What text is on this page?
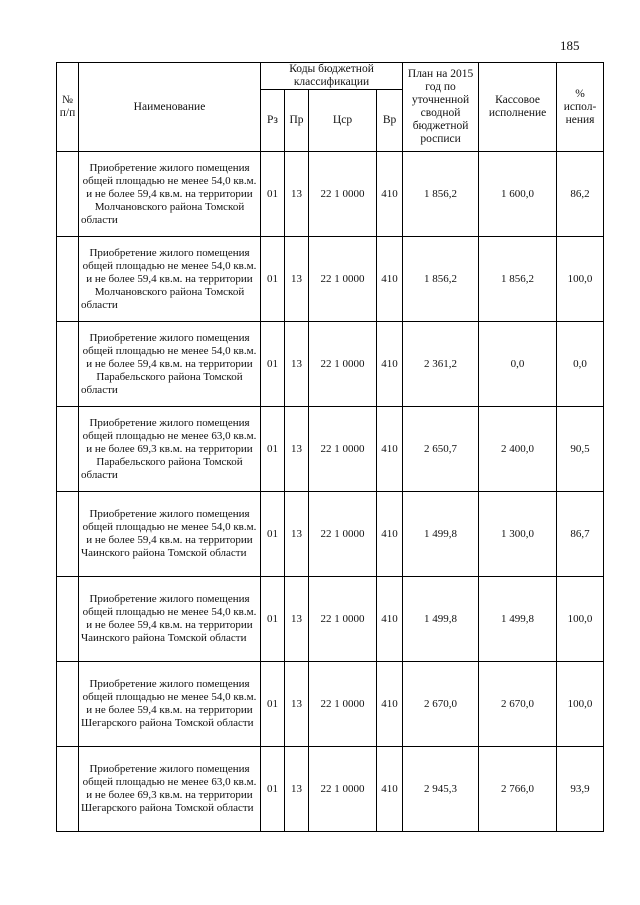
185
№ п/п	Наименование	Коды бюджетной классификации				План на 2015 год по уточненной сводной бюджетной росписи	Кассовое исполнение	% испол-нения
		Рз	Пр	Цср	Вр			
	Приобретение жилого помещения общей площадью не менее 54,0 кв.м. и не более 59,4 кв.м. на территории Молчановского района Томской области	01	13	22 1 0000	410	1 856,2	1 600,0	86,2
	Приобретение жилого помещения общей площадью не менее 54,0 кв.м. и не более 59,4 кв.м. на территории Молчановского района Томской области	01	13	22 1 0000	410	1 856,2	1 856,2	100,0
	Приобретение жилого помещения общей площадью не менее 54,0 кв.м. и не более 59,4 кв.м. на территории Парабельского района Томской области	01	13	22 1 0000	410	2 361,2	0,0	0,0
	Приобретение жилого помещения общей площадью не менее 63,0 кв.м. и не более 69,3 кв.м. на территории Парабельского района Томской области	01	13	22 1 0000	410	2 650,7	2 400,0	90,5
	Приобретение жилого помещения общей площадью не менее 54,0 кв.м. и не более 59,4 кв.м. на территории Чаинского района Томской области	01	13	22 1 0000	410	1 499,8	1 300,0	86,7
	Приобретение жилого помещения общей площадью не менее 54,0 кв.м. и не более 59,4 кв.м. на территории Чаинского района Томской области	01	13	22 1 0000	410	1 499,8	1 499,8	100,0
	Приобретение жилого помещения общей площадью не менее 54,0 кв.м. и не более 59,4 кв.м. на территории Шегарского района Томской области	01	13	22 1 0000	410	2 670,0	2 670,0	100,0
	Приобретение жилого помещения общей площадью не менее 63,0 кв.м. и не более 69,3 кв.м. на территории Шегарского района Томской области	01	13	22 1 0000	410	2 945,3	2 766,0	93,9
